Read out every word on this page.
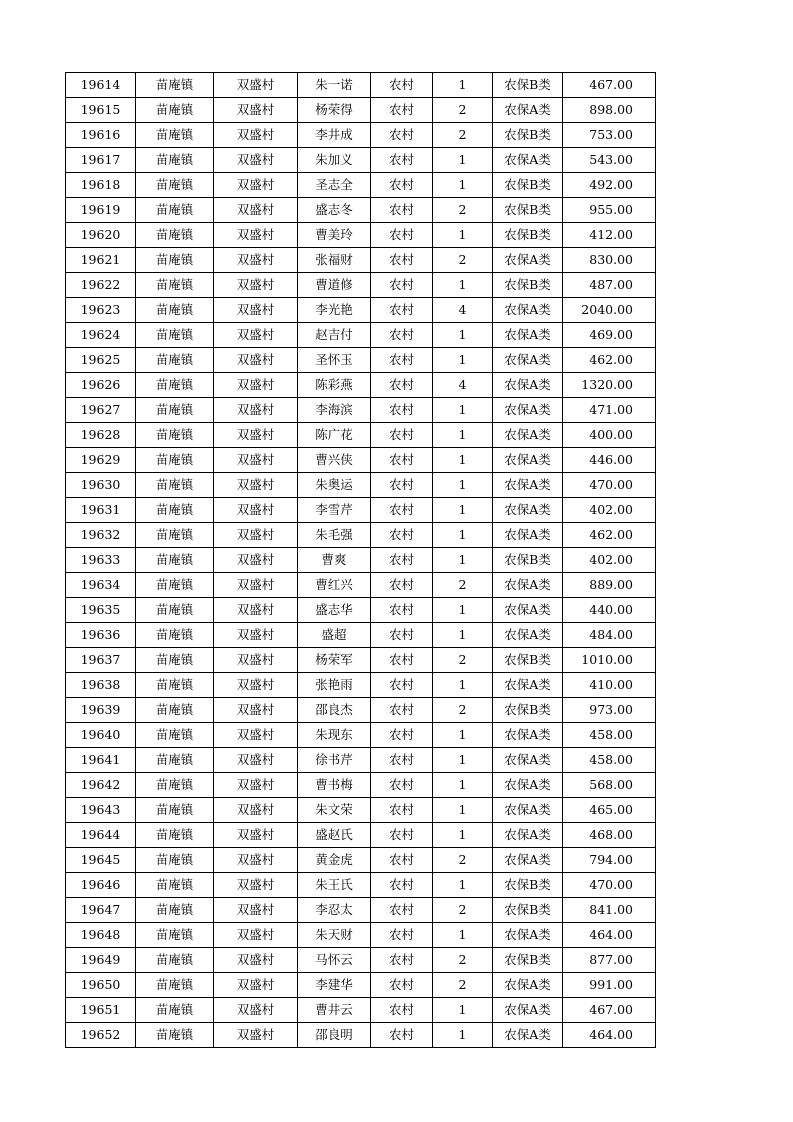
19614	苗庵镇	双盛村	朱一诺	农村	1	农保B类	467.00
19615	苗庵镇	双盛村	杨荣得	农村	2	农保A类	898.00
19616	苗庵镇	双盛村	李井成	农村	2	农保B类	753.00
19617	苗庵镇	双盛村	朱加义	农村	1	农保A类	543.00
19618	苗庵镇	双盛村	圣志全	农村	1	农保B类	492.00
19619	苗庵镇	双盛村	盛志冬	农村	2	农保B类	955.00
19620	苗庵镇	双盛村	曹美玲	农村	1	农保B类	412.00
19621	苗庵镇	双盛村	张福财	农村	2	农保A类	830.00
19622	苗庵镇	双盛村	曹道修	农村	1	农保B类	487.00
19623	苗庵镇	双盛村	李光艳	农村	4	农保A类	2040.00
19624	苗庵镇	双盛村	赵吉付	农村	1	农保A类	469.00
19625	苗庵镇	双盛村	圣怀玉	农村	1	农保A类	462.00
19626	苗庵镇	双盛村	陈彩燕	农村	4	农保A类	1320.00
19627	苗庵镇	双盛村	李海滨	农村	1	农保A类	471.00
19628	苗庵镇	双盛村	陈广花	农村	1	农保A类	400.00
19629	苗庵镇	双盛村	曹兴侠	农村	1	农保A类	446.00
19630	苗庵镇	双盛村	朱奥运	农村	1	农保A类	470.00
19631	苗庵镇	双盛村	李雪芹	农村	1	农保A类	402.00
19632	苗庵镇	双盛村	朱毛强	农村	1	农保A类	462.00
19633	苗庵镇	双盛村	曹爽	农村	1	农保B类	402.00
19634	苗庵镇	双盛村	曹红兴	农村	2	农保A类	889.00
19635	苗庵镇	双盛村	盛志华	农村	1	农保A类	440.00
19636	苗庵镇	双盛村	盛超	农村	1	农保A类	484.00
19637	苗庵镇	双盛村	杨荣军	农村	2	农保B类	1010.00
19638	苗庵镇	双盛村	张艳雨	农村	1	农保A类	410.00
19639	苗庵镇	双盛村	邵良杰	农村	2	农保B类	973.00
19640	苗庵镇	双盛村	朱现东	农村	1	农保A类	458.00
19641	苗庵镇	双盛村	徐书芹	农村	1	农保A类	458.00
19642	苗庵镇	双盛村	曹书梅	农村	1	农保A类	568.00
19643	苗庵镇	双盛村	朱文荣	农村	1	农保A类	465.00
19644	苗庵镇	双盛村	盛赵氏	农村	1	农保A类	468.00
19645	苗庵镇	双盛村	黄金虎	农村	2	农保A类	794.00
19646	苗庵镇	双盛村	朱王氏	农村	1	农保B类	470.00
19647	苗庵镇	双盛村	李忍太	农村	2	农保B类	841.00
19648	苗庵镇	双盛村	朱天财	农村	1	农保A类	464.00
19649	苗庵镇	双盛村	马怀云	农村	2	农保B类	877.00
19650	苗庵镇	双盛村	李建华	农村	2	农保A类	991.00
19651	苗庵镇	双盛村	曹井云	农村	1	农保A类	467.00
19652	苗庵镇	双盛村	邵良明	农村	1	农保A类	464.00
